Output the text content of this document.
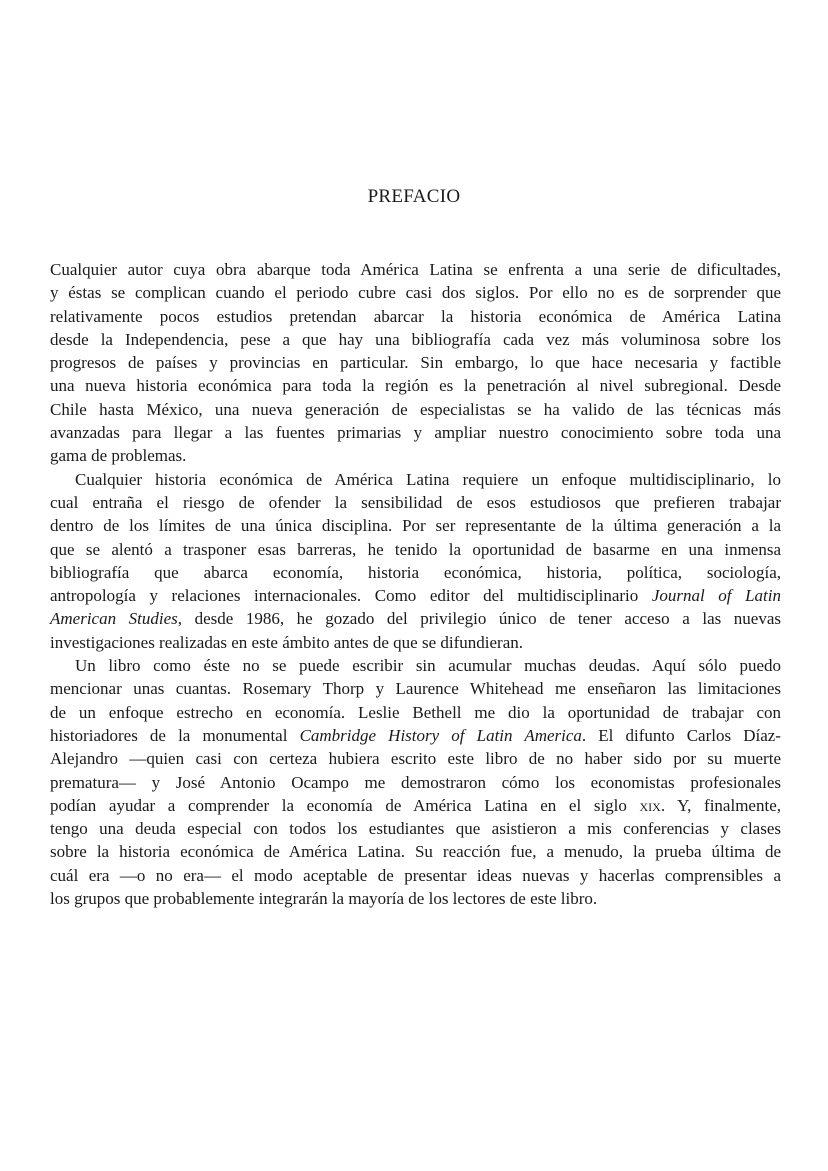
PREFACIO
Cualquier autor cuya obra abarque toda América Latina se enfrenta a una serie de dificultades,
y éstas se complican cuando el periodo cubre casi dos siglos. Por ello no es de sorprender que
relativamente pocos estudios pretendan abarcar la historia económica de América Latina
desde la Independencia, pese a que hay una bibliografía cada vez más voluminosa sobre los
progresos de países y provincias en particular. Sin embargo, lo que hace necesaria y factible
una nueva historia económica para toda la región es la penetración al nivel subregional. Desde
Chile hasta México, una nueva generación de especialistas se ha valido de las técnicas más
avanzadas para llegar a las fuentes primarias y ampliar nuestro conocimiento sobre toda una
gama de problemas.
Cualquier historia económica de América Latina requiere un enfoque multidisciplinario, lo
cual entraña el riesgo de ofender la sensibilidad de esos estudiosos que prefieren trabajar
dentro de los límites de una única disciplina. Por ser representante de la última generación a la
que se alentó a trasponer esas barreras, he tenido la oportunidad de basarme en una inmensa
bibliografía que abarca economía, historia económica, historia, política, sociología,
antropología y relaciones internacionales. Como editor del multidisciplinario Journal of Latin
American Studies, desde 1986, he gozado del privilegio único de tener acceso a las nuevas
investigaciones realizadas en este ámbito antes de que se difundieran.
Un libro como éste no se puede escribir sin acumular muchas deudas. Aquí sólo puedo
mencionar unas cuantas. Rosemary Thorp y Laurence Whitehead me enseñaron las limitaciones
de un enfoque estrecho en economía. Leslie Bethell me dio la oportunidad de trabajar con
historiadores de la monumental Cambridge History of Latin America. El difunto Carlos Díaz-
Alejandro —quien casi con certeza hubiera escrito este libro de no haber sido por su muerte
prematura— y José Antonio Ocampo me demostraron cómo los economistas profesionales
podían ayudar a comprender la economía de América Latina en el siglo xix. Y, finalmente,
tengo una deuda especial con todos los estudiantes que asistieron a mis conferencias y clases
sobre la historia económica de América Latina. Su reacción fue, a menudo, la prueba última de
cuál era —o no era— el modo aceptable de presentar ideas nuevas y hacerlas comprensibles a
los grupos que probablemente integrarán la mayoría de los lectores de este libro.
